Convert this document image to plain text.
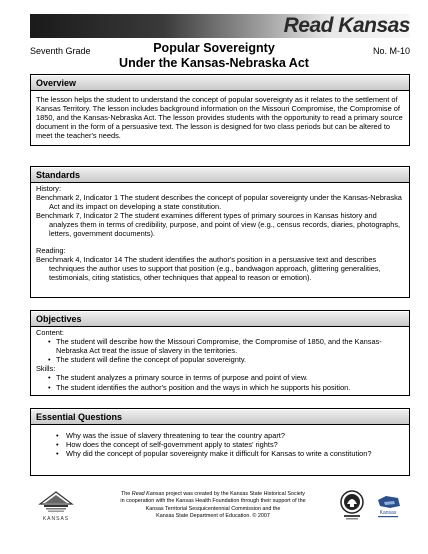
Read Kansas
Seventh Grade	No. M-10
Popular Sovereignty
Under the Kansas-Nebraska Act
Overview
The lesson helps the student to understand the concept of popular sovereignty as it relates to the settlement of Kansas Territory. The lesson includes background information on the Missouri Compromise, the Compromise of 1850, and the Kansas-Nebraska Act. The lesson provides students with the opportunity to read a primary source document in the form of a persuasive text. The lesson is designed for two class periods but can be altered to meet the teacher's needs.
Standards
History:
Benchmark 2, Indicator 1 The student describes the concept of popular sovereignty under the Kansas-Nebraska Act and its impact on developing a state constitution.
Benchmark 7, Indicator 2 The student examines different types of primary sources in Kansas history and analyzes them in terms of credibility, purpose, and point of view (e.g., census records, diaries, photographs, letters, government documents).
Reading:
Benchmark 4, Indicator 14 The student identifies the author's position in a persuasive text and describes techniques the author uses to support that position (e.g., bandwagon approach, glittering generalities, testimonials, citing statistics, other techniques that appeal to reason or emotion).
Objectives
Content:
• The student will describe how the Missouri Compromise, the Compromise of 1850, and the Kansas-Nebraska Act treat the issue of slavery in the territories.
• The student will define the concept of popular sovereignty.
Skills:
• The student analyzes a primary source in terms of purpose and point of view.
• The student identifies the author's position and the ways in which he supports his position.
Essential Questions
• Why was the issue of slavery threatening to tear the country apart?
• How does the concept of self-government apply to states' rights?
• Why did the concept of popular sovereignty make it difficult for Kansas to write a constitution?
KANSAS
The Read Kansas project was created by the Kansas State Historical Society
in cooperation with the Kansas Health Foundation through their support of the
Kansas Territorial Sesquicentennial Commission and the
Kansas State Department of Education. © 2007
Kansas
